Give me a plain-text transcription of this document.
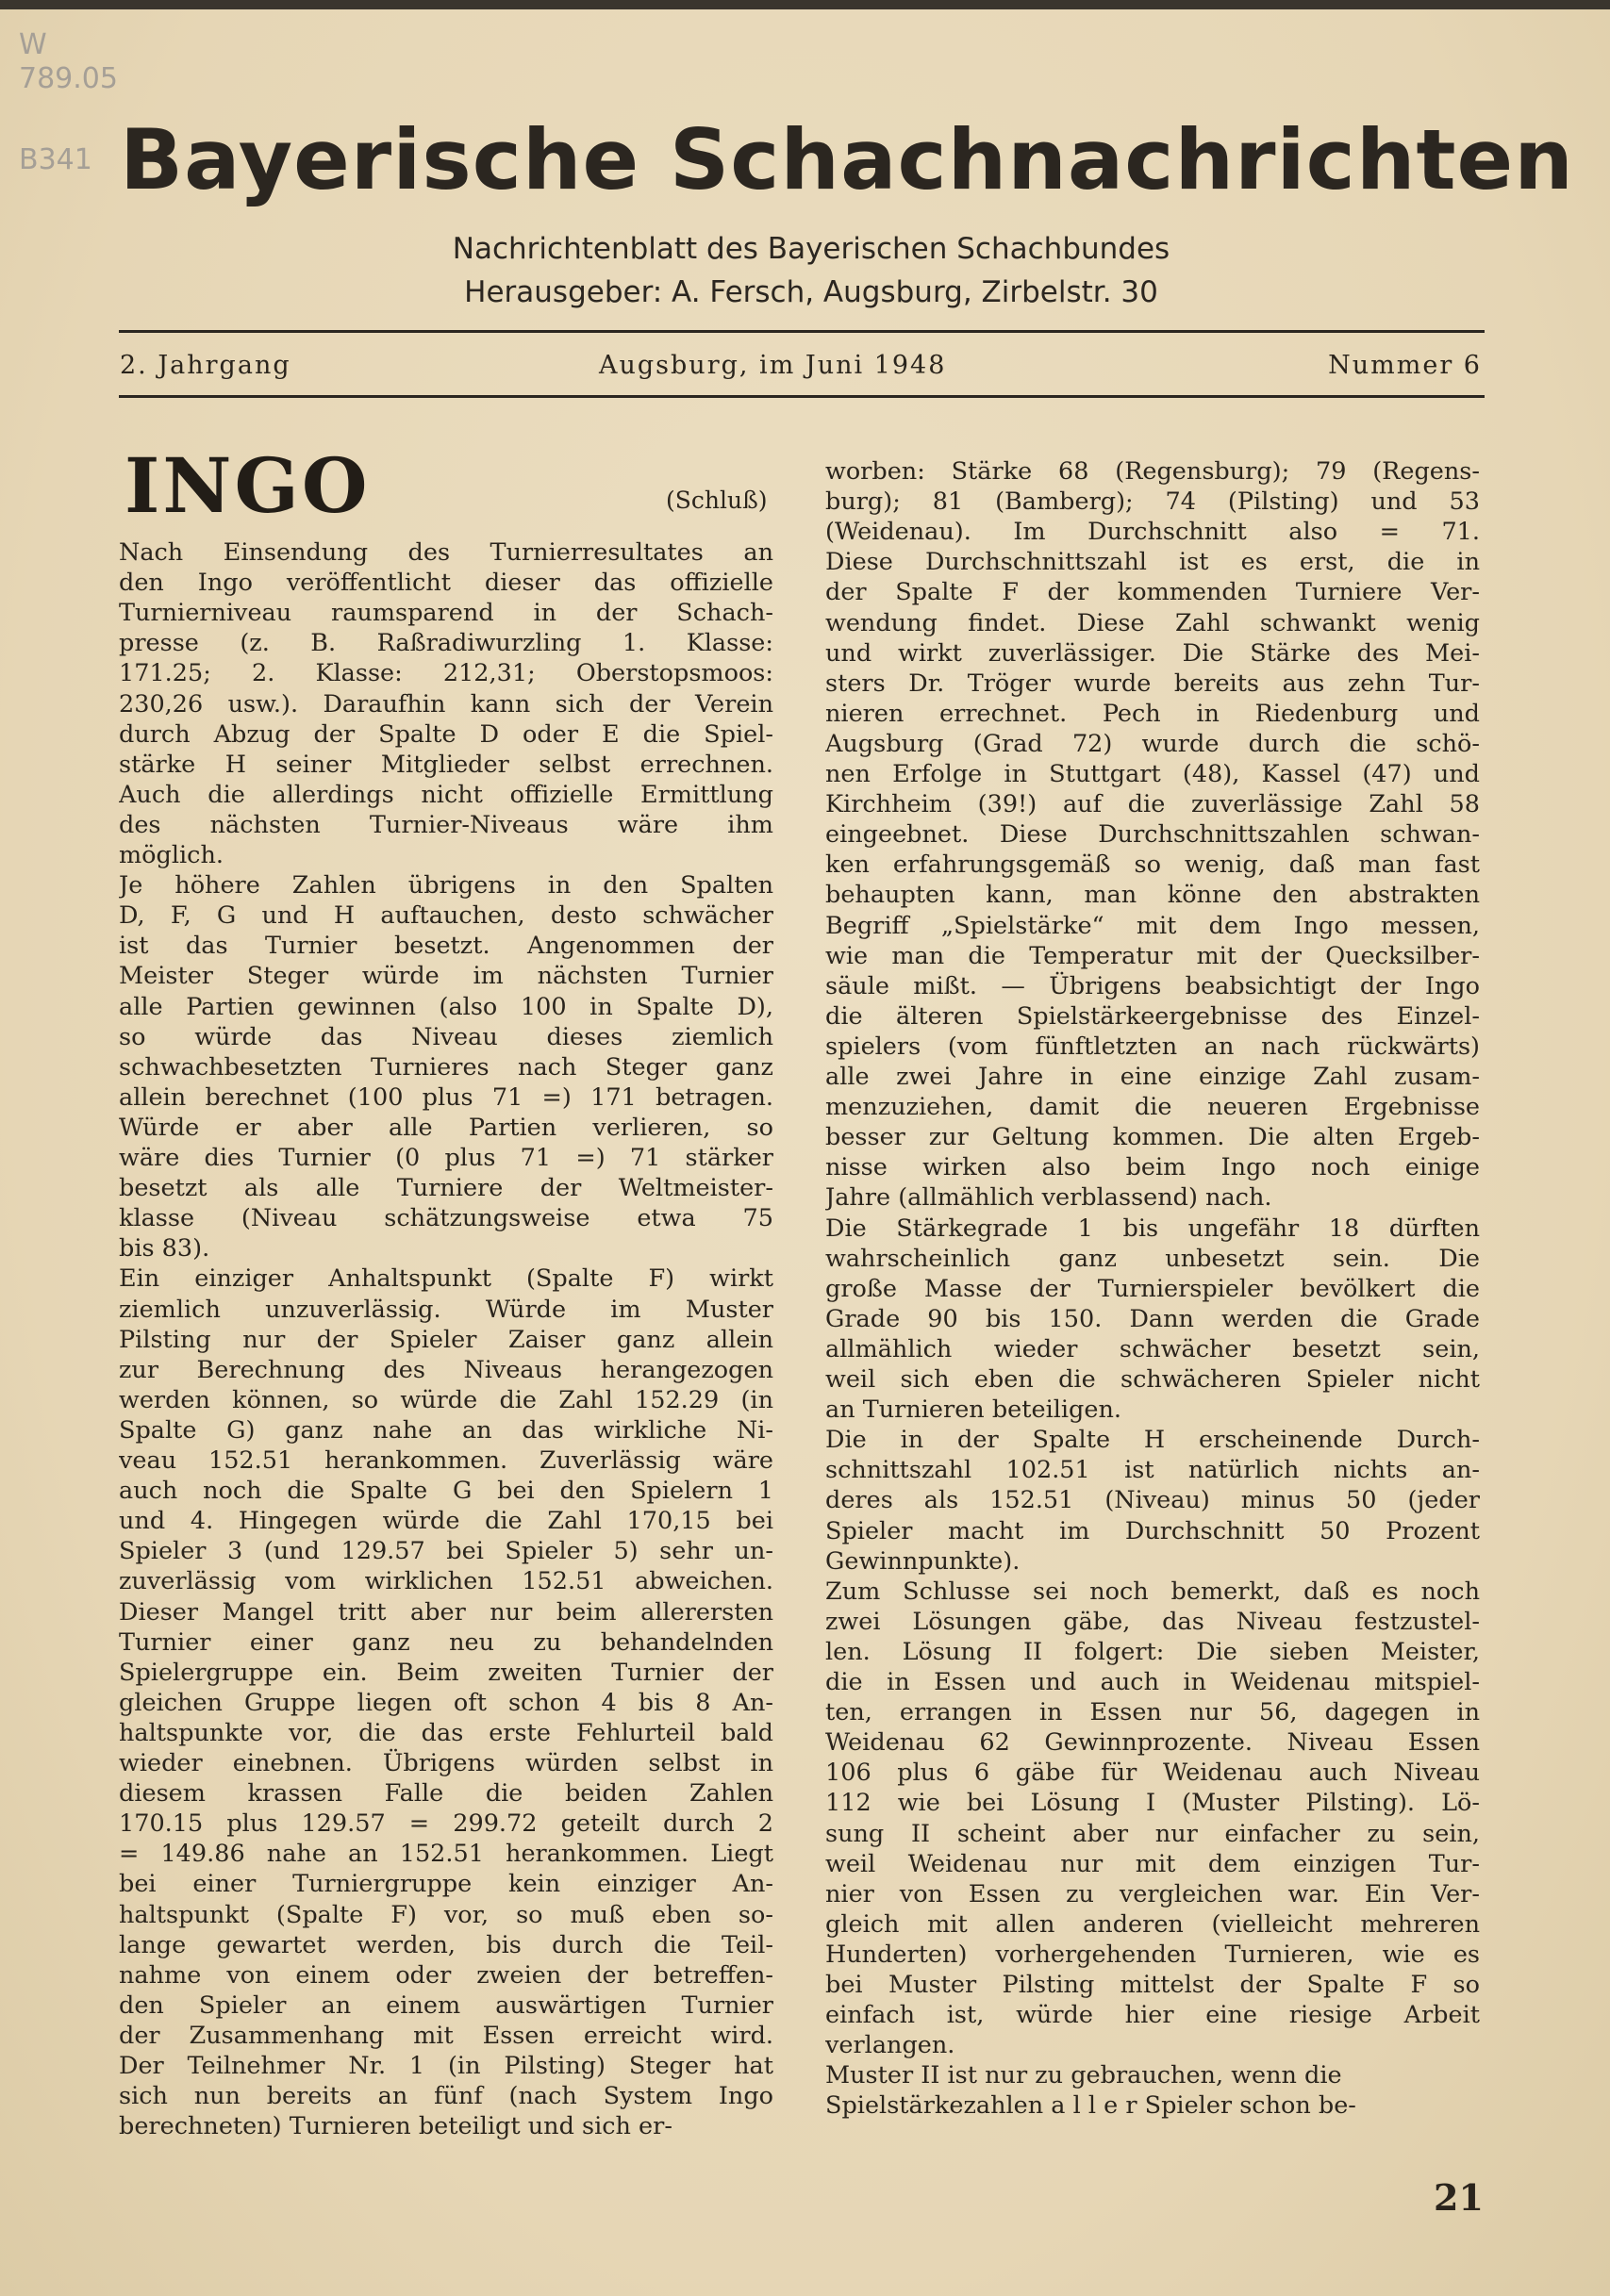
W
789.05
B341 Bayerische Schachnachrichten
Nachrichtenblatt des Bayerischen Schachbundes
Herausgeber: A. Fersch, Augsburg, Zirbelstr. 30
2. Jahrgang	Augsburg, im Juni 1948	Nummer 6
INGO	(Schluß)
Nach Einsendung des Turnierresultates an
den Ingo veröffentlicht dieser das offizielle
Turnierniveau raumsparend in der Schach-
presse (z. B. Raßradiwurzling 1. Klasse:
171.25; 2. Klasse: 212,31; Oberstopsmoos:
230,26 usw.). Daraufhin kann sich der Verein
durch Abzug der Spalte D oder E die Spiel-
stärke H seiner Mitglieder selbst errechnen.
Auch die allerdings nicht offizielle Ermittlung
des nächsten Turnier-Niveaus wäre ihm
möglich.
Je höhere Zahlen übrigens in den Spalten
D, F, G und H auftauchen, desto schwächer
ist das Turnier besetzt. Angenommen der
Meister Steger würde im nächsten Turnier
alle Partien gewinnen (also 100 in Spalte D),
so würde das Niveau dieses ziemlich
schwachbesetzten Turnieres nach Steger ganz
allein berechnet (100 plus 71 =) 171 betragen.
Würde er aber alle Partien verlieren, so
wäre dies Turnier (0 plus 71 =) 71 stärker
besetzt als alle Turniere der Weltmeister-
klasse (Niveau schätzungsweise etwa 75
bis 83).
Ein einziger Anhaltspunkt (Spalte F) wirkt
ziemlich unzuverlässig. Würde im Muster
Pilsting nur der Spieler Zaiser ganz allein
zur Berechnung des Niveaus herangezogen
werden können, so würde die Zahl 152.29 (in
Spalte G) ganz nahe an das wirkliche Ni-
veau 152.51 herankommen. Zuverlässig wäre
auch noch die Spalte G bei den Spielern 1
und 4. Hingegen würde die Zahl 170,15 bei
Spieler 3 (und 129.57 bei Spieler 5) sehr un-
zuverlässig vom wirklichen 152.51 abweichen.
Dieser Mangel tritt aber nur beim allerersten
Turnier einer ganz neu zu behandelnden
Spielergruppe ein. Beim zweiten Turnier der
gleichen Gruppe liegen oft schon 4 bis 8 An-
haltspunkte vor, die das erste Fehlurteil bald
wieder einebnen. Übrigens würden selbst in
diesem krassen Falle die beiden Zahlen
170.15 plus 129.57 = 299.72 geteilt durch 2
= 149.86 nahe an 152.51 herankommen. Liegt
bei einer Turniergruppe kein einziger An-
haltspunkt (Spalte F) vor, so muß eben so-
lange gewartet werden, bis durch die Teil-
nahme von einem oder zweien der betreffen-
den Spieler an einem auswärtigen Turnier
der Zusammenhang mit Essen erreicht wird.
Der Teilnehmer Nr. 1 (in Pilsting) Steger hat
sich nun bereits an fünf (nach System Ingo
berechneten) Turnieren beteiligt und sich er-
worben: Stärke 68 (Regensburg); 79 (Regens-
burg); 81 (Bamberg); 74 (Pilsting) und 53
(Weidenau). Im Durchschnitt also = 71.
Diese Durchschnittszahl ist es erst, die in
der Spalte F der kommenden Turniere Ver-
wendung findet. Diese Zahl schwankt wenig
und wirkt zuverlässiger. Die Stärke des Mei-
sters Dr. Tröger wurde bereits aus zehn Tur-
nieren errechnet. Pech in Riedenburg und
Augsburg (Grad 72) wurde durch die schö-
nen Erfolge in Stuttgart (48), Kassel (47) und
Kirchheim (39!) auf die zuverlässige Zahl 58
eingeebnet. Diese Durchschnittszahlen schwan-
ken erfahrungsgemäß so wenig, daß man fast
behaupten kann, man könne den abstrakten
Begriff „Spielstärke“ mit dem Ingo messen,
wie man die Temperatur mit der Quecksilber-
säule mißt. — Übrigens beabsichtigt der Ingo
die älteren Spielstärkeergebnisse des Einzel-
spielers (vom fünftletzten an nach rückwärts)
alle zwei Jahre in eine einzige Zahl zusam-
menzuziehen, damit die neueren Ergebnisse
besser zur Geltung kommen. Die alten Ergeb-
nisse wirken also beim Ingo noch einige
Jahre (allmählich verblassend) nach.
Die Stärkegrade 1 bis ungefähr 18 dürften
wahrscheinlich ganz unbesetzt sein. Die
große Masse der Turnierspieler bevölkert die
Grade 90 bis 150. Dann werden die Grade
allmählich wieder schwächer besetzt sein,
weil sich eben die schwächeren Spieler nicht
an Turnieren beteiligen.
Die in der Spalte H erscheinende Durch-
schnittszahl 102.51 ist natürlich nichts an-
deres als 152.51 (Niveau) minus 50 (jeder
Spieler macht im Durchschnitt 50 Prozent
Gewinnpunkte).
Zum Schlusse sei noch bemerkt, daß es noch
zwei Lösungen gäbe, das Niveau festzustel-
len. Lösung II folgert: Die sieben Meister,
die in Essen und auch in Weidenau mitspiel-
ten, errangen in Essen nur 56, dagegen in
Weidenau 62 Gewinnprozente. Niveau Essen
106 plus 6 gäbe für Weidenau auch Niveau
112 wie bei Lösung I (Muster Pilsting). Lö-
sung II scheint aber nur einfacher zu sein,
weil Weidenau nur mit dem einzigen Tur-
nier von Essen zu vergleichen war. Ein Ver-
gleich mit allen anderen (vielleicht mehreren
Hunderten) vorhergehenden Turnieren, wie es
bei Muster Pilsting mittelst der Spalte F so
einfach ist, würde hier eine riesige Arbeit
verlangen.
Muster II ist nur zu gebrauchen, wenn die
Spielstärkezahlen a l l e r Spieler schon be-
21
